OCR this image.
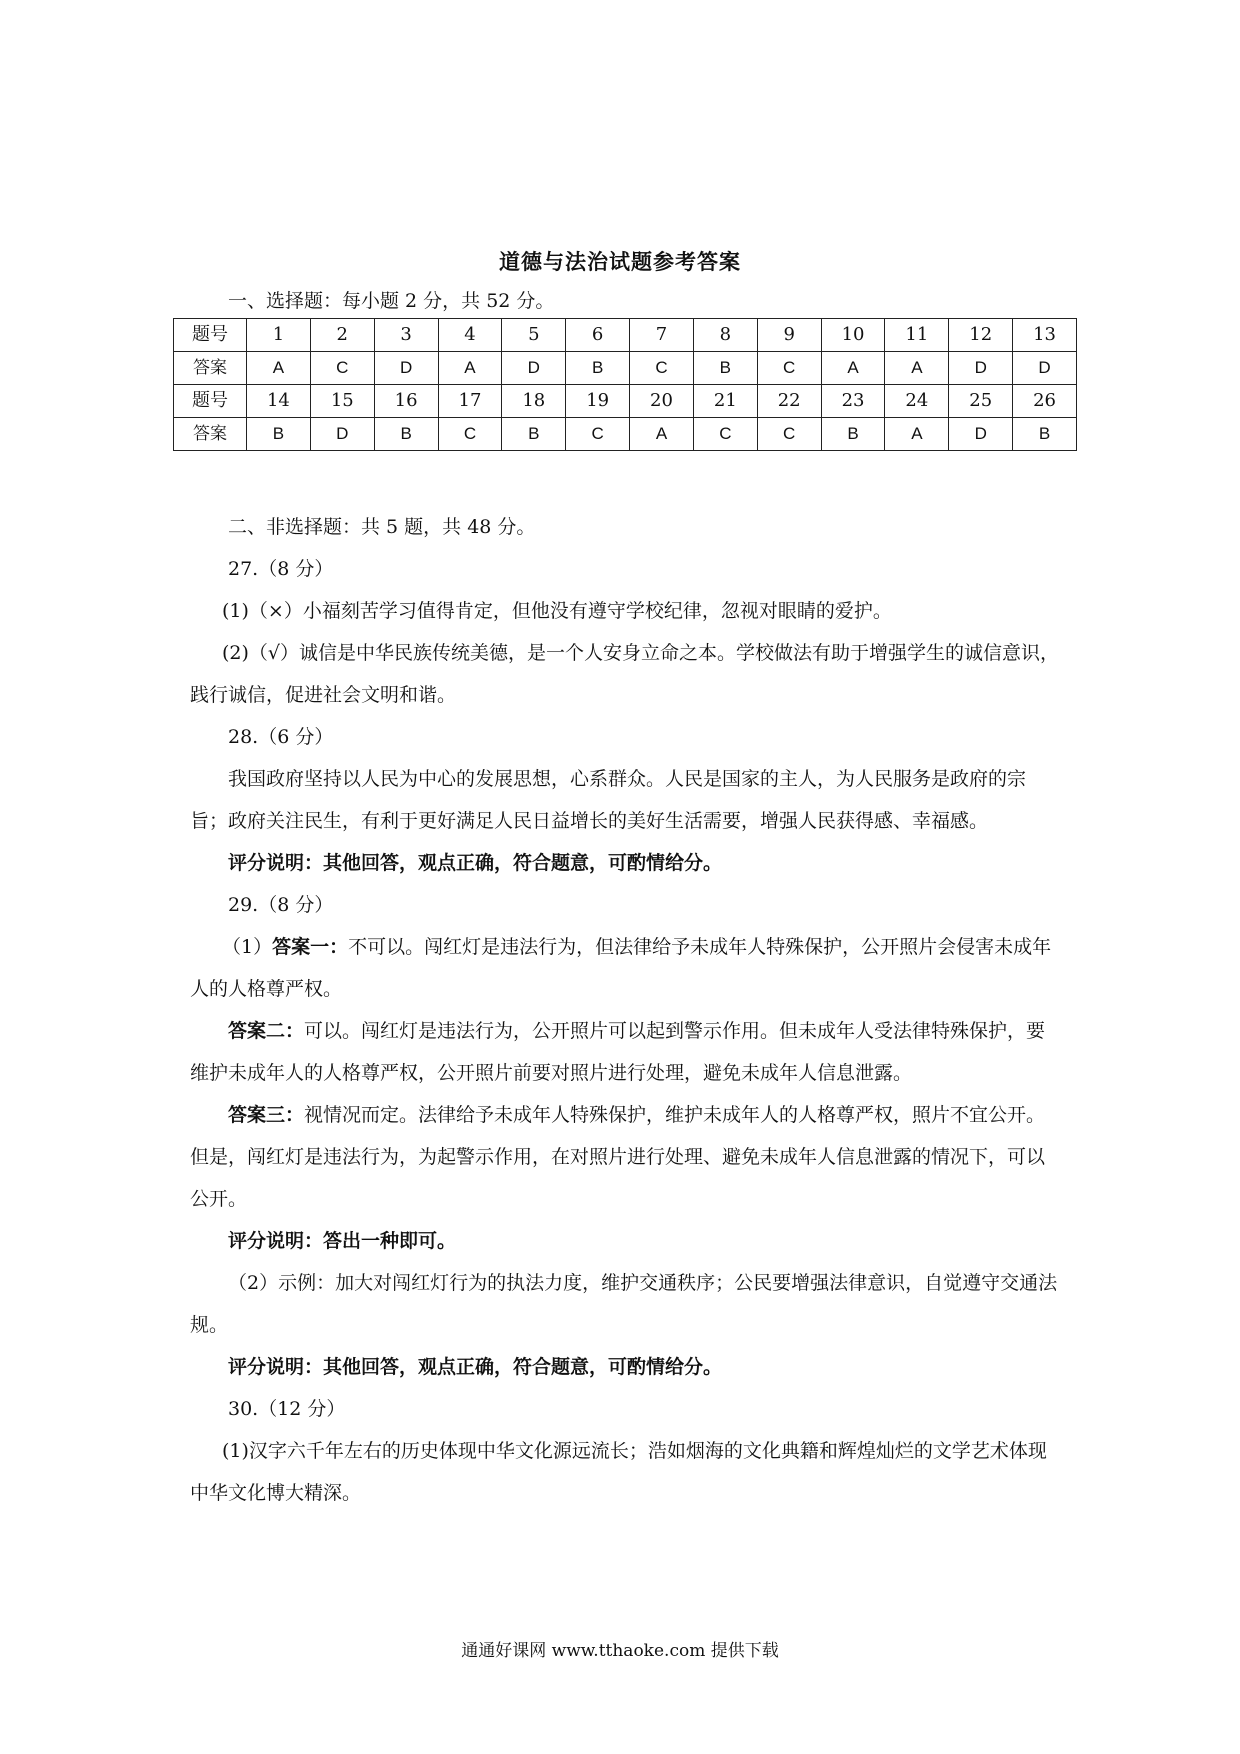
道德与法治试题参考答案
一、选择题：每小题 2 分，共 52 分。
题号	1	2	3	4	5	6	7	8	9	10	11	12	13
答案	A	C	D	A	D	B	C	B	C	A	A	D	D
题号	14	15	16	17	18	19	20	21	22	23	24	25	26
答案	B	D	B	C	B	C	A	C	C	B	A	D	B

二、非选择题：共 5 题，共 48 分。

27.（8 分）

(1)（×）小福刻苦学习值得肯定，但他没有遵守学校纪律，忽视对眼睛的爱护。

(2)（√）诚信是中华民族传统美德，是一个人安身立命之本。学校做法有助于增强学生的诚信意识，践行诚信，促进社会文明和谐。

28.（6 分）

我国政府坚持以人民为中心的发展思想，心系群众。人民是国家的主人，为人民服务是政府的宗旨；政府关注民生，有利于更好满足人民日益增长的美好生活需要，增强人民获得感、幸福感。

评分说明：其他回答，观点正确，符合题意，可酌情给分。

29.（8 分）

（1）答案一：不可以。闯红灯是违法行为，但法律给予未成年人特殊保护，公开照片会侵害未成年人的人格尊严权。

答案二：可以。闯红灯是违法行为，公开照片可以起到警示作用。但未成年人受法律特殊保护，要维护未成年人的人格尊严权，公开照片前要对照片进行处理，避免未成年人信息泄露。

答案三：视情况而定。法律给予未成年人特殊保护，维护未成年人的人格尊严权，照片不宜公开。但是，闯红灯是违法行为，为起警示作用，在对照片进行处理、避免未成年人信息泄露的情况下，可以公开。

评分说明：答出一种即可。

（2）示例：加大对闯红灯行为的执法力度，维护交通秩序；公民要增强法律意识，自觉遵守交通法规。

评分说明：其他回答，观点正确，符合题意，可酌情给分。

30.（12 分）

(1)汉字六千年左右的历史体现中华文化源远流长；浩如烟海的文化典籍和辉煌灿烂的文学艺术体现中华文化博大精深。

通通好课网 www.tthaoke.com 提供下载
